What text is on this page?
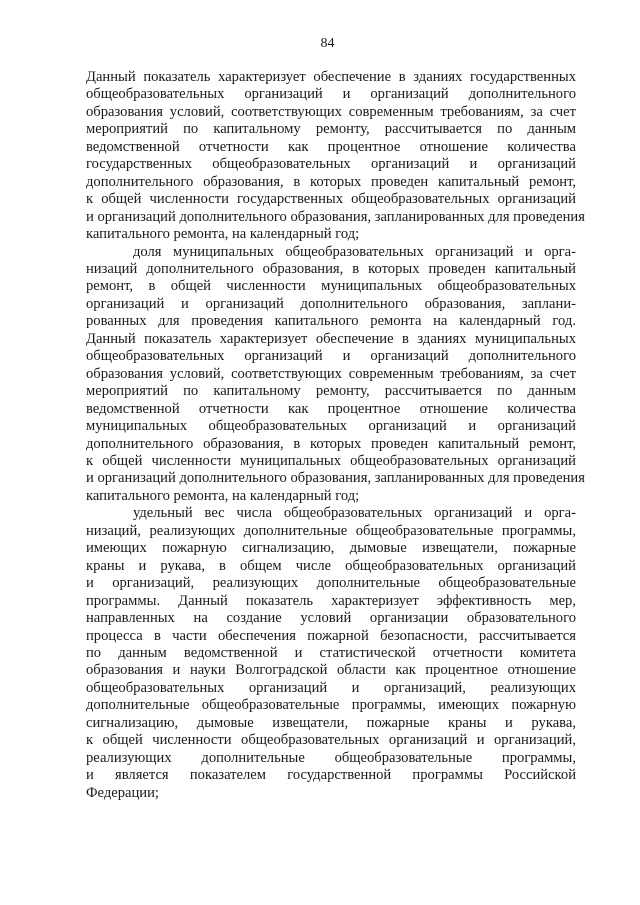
84
Данный показатель характеризует обеспечение в зданиях государственных
общеобразовательных организаций и организаций дополнительного
образования условий, соответствующих современным требованиям, за счет
мероприятий по капитальному ремонту, рассчитывается по данным
ведомственной отчетности как процентное отношение количества
государственных общеобразовательных организаций и организаций
дополнительного образования, в которых проведен капитальный ремонт,
к общей численности государственных общеобразовательных организаций
и организаций дополнительного образования, запланированных для проведения
капитального ремонта, на календарный год;
доля муниципальных общеобразовательных организаций и орга-
низаций дополнительного образования, в которых проведен капитальный
ремонт, в общей численности муниципальных общеобразовательных
организаций и организаций дополнительного образования, заплани-
рованных для проведения капитального ремонта на календарный год.
Данный показатель характеризует обеспечение в зданиях муниципальных
общеобразовательных организаций и организаций дополнительного
образования условий, соответствующих современным требованиям, за счет
мероприятий по капитальному ремонту, рассчитывается по данным
ведомственной отчетности как процентное отношение количества
муниципальных общеобразовательных организаций и организаций
дополнительного образования, в которых проведен капитальный ремонт,
к общей численности муниципальных общеобразовательных организаций
и организаций дополнительного образования, запланированных для проведения
капитального ремонта, на календарный год;
удельный вес числа общеобразовательных организаций и орга-
низаций, реализующих дополнительные общеобразовательные программы,
имеющих пожарную сигнализацию, дымовые извещатели, пожарные
краны и рукава, в общем числе общеобразовательных организаций
и организаций, реализующих дополнительные общеобразовательные
программы. Данный показатель характеризует эффективность мер,
направленных на создание условий организации образовательного
процесса в части обеспечения пожарной безопасности, рассчитывается
по данным ведомственной и статистической отчетности комитета
образования и науки Волгоградской области как процентное отношение
общеобразовательных организаций и организаций, реализующих
дополнительные общеобразовательные программы, имеющих пожарную
сигнализацию, дымовые извещатели, пожарные краны и рукава,
к общей численности общеобразовательных организаций и организаций,
реализующих дополнительные общеобразовательные программы,
и является показателем государственной программы Российской
Федерации;
